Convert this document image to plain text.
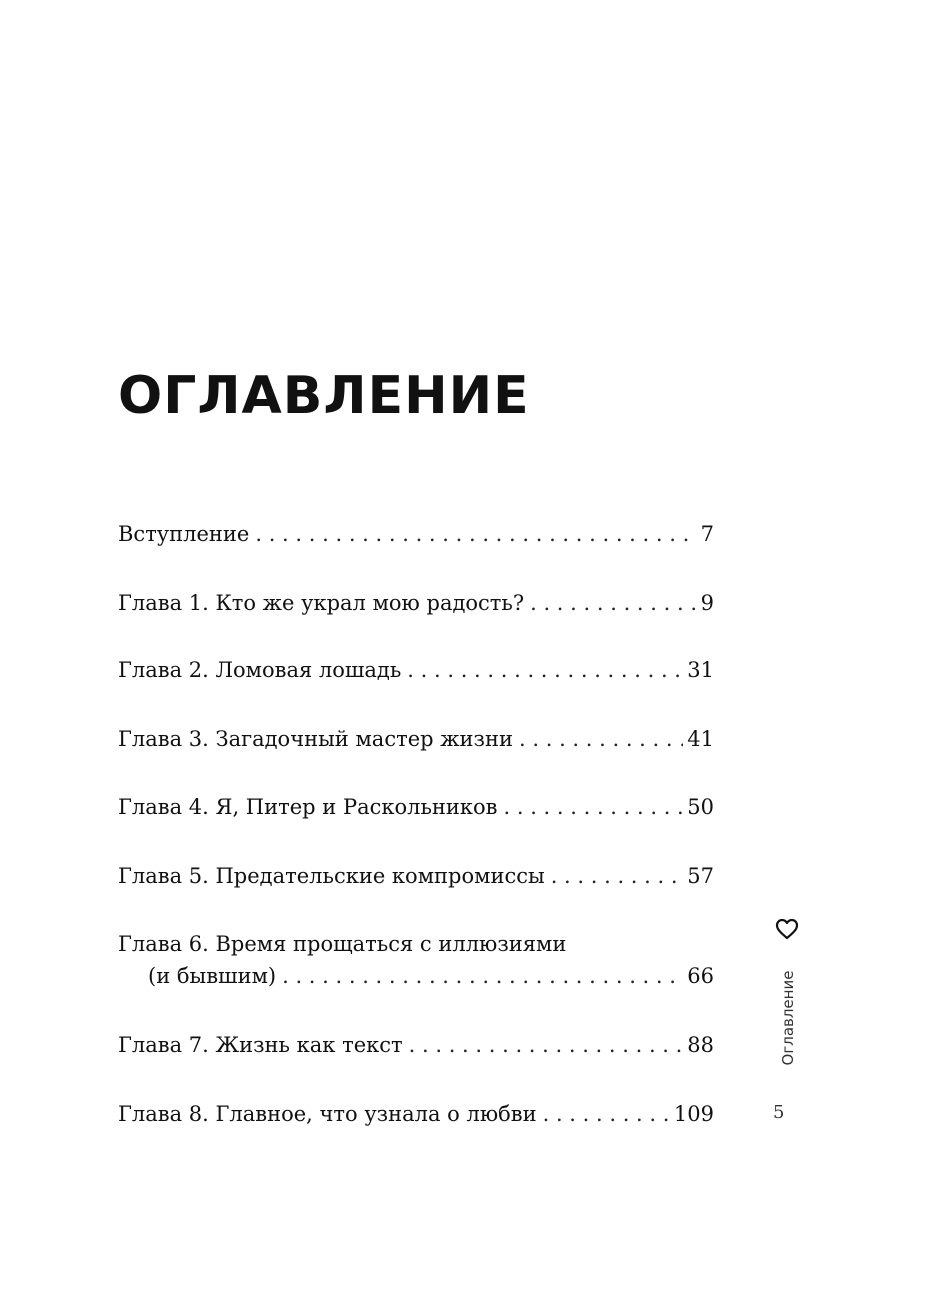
ОГЛАВЛЕНИЕ
Вступление . . .	7
Глава 1. Кто же украл мою радость? . . .	9
Глава 2. Ломовая лошадь . . .	31
Глава 3. Загадочный мастер жизни . . .	41
Глава 4. Я, Питер и Раскольников . . .	50
Глава 5. Предательские компромиссы . . .	57
Глава 6. Время прощаться с иллюзиями
(и бывшим) . . .	66
Глава 7. Жизнь как текст . . .	88
Глава 8. Главное, что узнала о любви . . .	109
Оглавление
5
